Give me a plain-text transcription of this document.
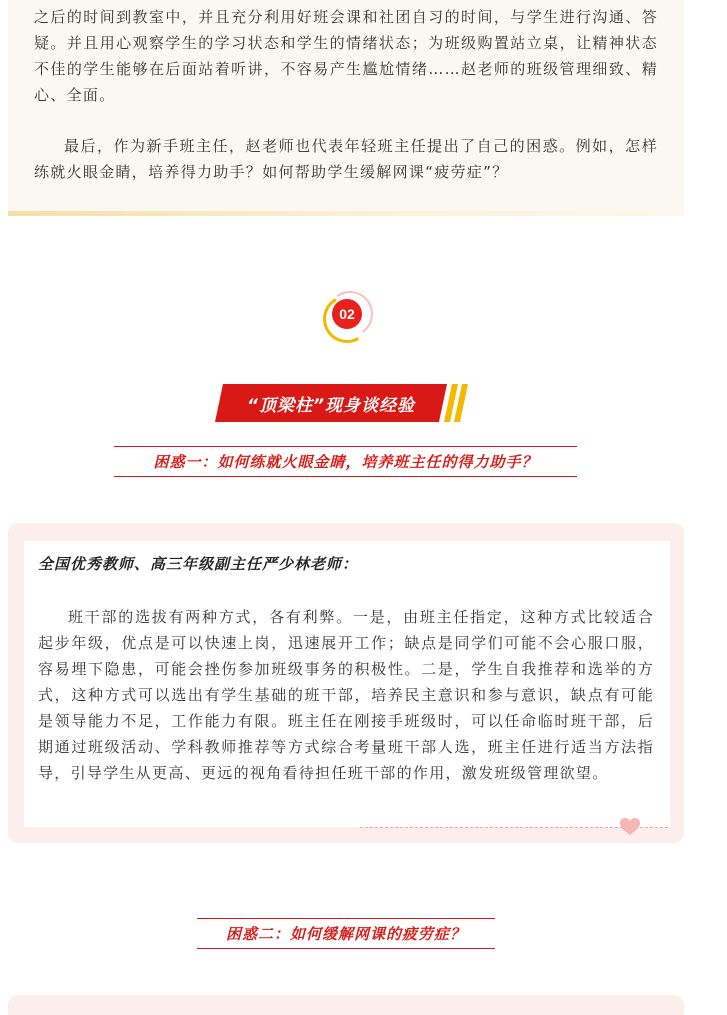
之后的时间到教室中，并且充分利用好班会课和社团自习的时间，与学生进行沟通、答疑。并且用心观察学生的学习状态和学生的情绪状态；为班级购置站立桌，让精神状态不佳的学生能够在后面站着听讲，不容易产生尴尬情绪……赵老师的班级管理细致、精心、全面。

最后，作为新手班主任，赵老师也代表年轻班主任提出了自己的困惑。例如，怎样练就火眼金睛，培养得力助手？如何帮助学生缓解网课“疲劳症”？

02
“顶梁柱”现身谈经验
困惑一：如何练就火眼金睛，培养班主任的得力助手？
全国优秀教师、高三年级副主任严少林老师：

班干部的选拔有两种方式，各有利弊。一是，由班主任指定，这种方式比较适合起步年级，优点是可以快速上岗，迅速展开工作；缺点是同学们可能不会心服口服，容易埋下隐患，可能会挫伤参加班级事务的积极性。二是，学生自我推荐和选举的方式，这种方式可以选出有学生基础的班干部，培养民主意识和参与意识，缺点有可能是领导能力不足，工作能力有限。班主任在刚接手班级时，可以任命临时班干部，后期通过班级活动、学科教师推荐等方式综合考量班干部人选，班主任进行适当方法指导，引导学生从更高、更远的视角看待担任班干部的作用，激发班级管理欲望。

困惑二：如何缓解网课的疲劳症？
